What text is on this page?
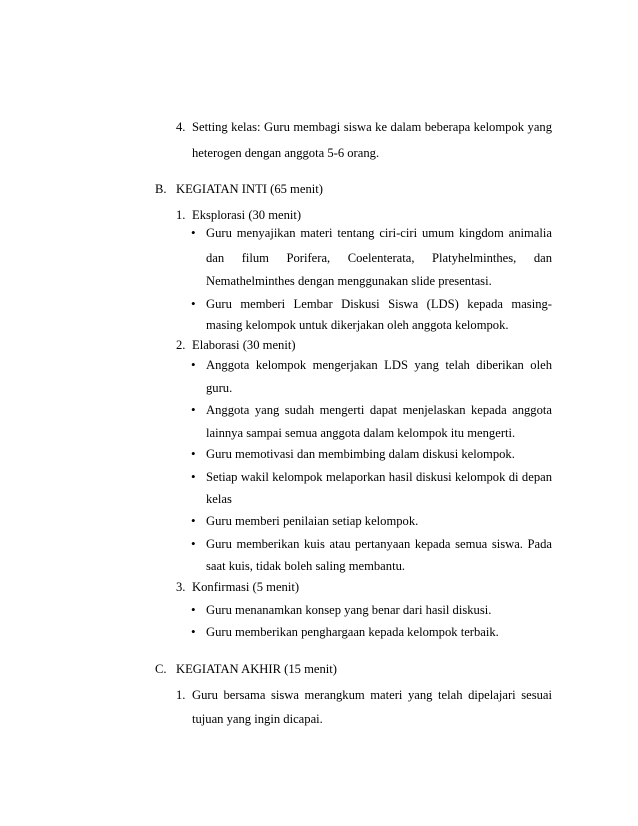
4. Setting kelas: Guru membagi siswa ke dalam beberapa kelompok yang
heterogen dengan anggota 5-6 orang.
B. KEGIATAN INTI (65 menit)
1. Eksplorasi (30 menit)
• Guru menyajikan materi tentang ciri-ciri umum kingdom animalia
dan filum Porifera, Coelenterata, Platyhelminthes, dan
Nemathelminthes dengan menggunakan slide presentasi.
• Guru memberi Lembar Diskusi Siswa (LDS) kepada masing-
masing kelompok untuk dikerjakan oleh anggota kelompok.
2. Elaborasi (30 menit)
• Anggota kelompok mengerjakan LDS yang telah diberikan oleh
guru.
• Anggota yang sudah mengerti dapat menjelaskan kepada anggota
lainnya sampai semua anggota dalam kelompok itu mengerti.
• Guru memotivasi dan membimbing dalam diskusi kelompok.
• Setiap wakil kelompok melaporkan hasil diskusi kelompok di depan
kelas
• Guru memberi penilaian setiap kelompok.
• Guru memberikan kuis atau pertanyaan kepada semua siswa. Pada
saat kuis, tidak boleh saling membantu.
3. Konfirmasi (5 menit)
• Guru menanamkan konsep yang benar dari hasil diskusi.
• Guru memberikan penghargaan kepada kelompok terbaik.
C. KEGIATAN AKHIR (15 menit)
1. Guru bersama siswa merangkum materi yang telah dipelajari sesuai
tujuan yang ingin dicapai.
